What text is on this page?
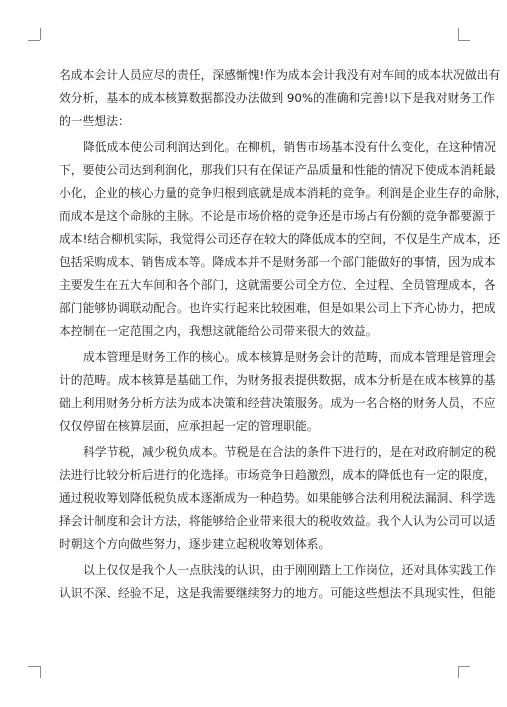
名成本会计人员应尽的责任，深感惭愧!作为成本会计我没有对车间的成本状况做出有
效分析，基本的成本核算数据都没办法做到 90%的准确和完善!以下是我对财务工作
的一些想法：
降低成本使公司利润达到化。在柳机，销售市场基本没有什么变化，在这种情况
下，要使公司达到利润化，那我们只有在保证产品质量和性能的情况下使成本消耗最
小化，企业的核心力量的竞争归根到底就是成本消耗的竞争。利润是企业生存的命脉，
而成本是这个命脉的主脉。不论是市场价格的竞争还是市场占有份额的竞争都要源于
成本!结合柳机实际，我觉得公司还存在较大的降低成本的空间，不仅是生产成本，还
包括采购成本、销售成本等。降成本并不是财务部一个部门能做好的事情，因为成本
主要发生在五大车间和各个部门，这就需要公司全方位、全过程、全员管理成本，各
部门能够协调联动配合。也许实行起来比较困难，但是如果公司上下齐心协力，把成
本控制在一定范围之内，我想这就能给公司带来很大的效益。
成本管理是财务工作的核心。成本核算是财务会计的范畴，而成本管理是管理会
计的范畴。成本核算是基础工作，为财务报表提供数据，成本分析是在成本核算的基
础上利用财务分析方法为成本决策和经营决策服务。成为一名合格的财务人员，不应
仅仅停留在核算层面，应承担起一定的管理职能。
科学节税，减少税负成本。节税是在合法的条件下进行的，是在对政府制定的税
法进行比较分析后进行的化选择。市场竞争日趋激烈，成本的降低也有一定的限度，
通过税收筹划降低税负成本逐渐成为一种趋势。如果能够合法利用税法漏洞、科学选
择会计制度和会计方法，将能够给企业带来很大的税收效益。我个人认为公司可以适
时朝这个方向做些努力，逐步建立起税收筹划体系。
以上仅仅是我个人一点肤浅的认识，由于刚刚踏上工作岗位，还对具体实践工作
认识不深、经验不足，这是我需要继续努力的地方。可能这些想法不具现实性，但能
